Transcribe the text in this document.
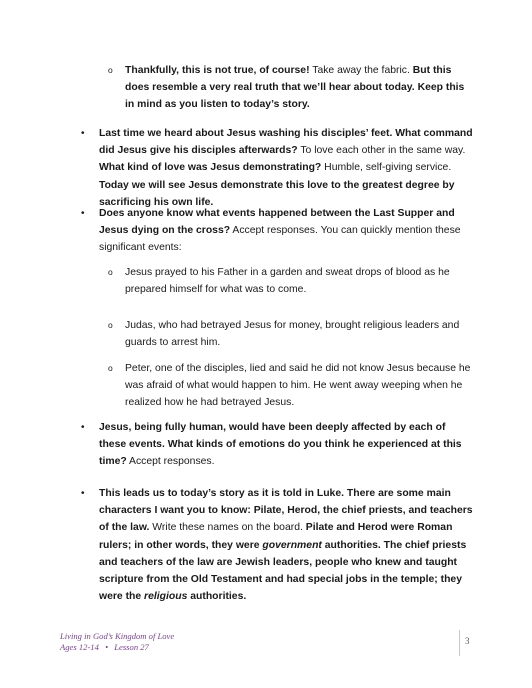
o Thankfully, this is not true, of course! Take away the fabric. But this does resemble a very real truth that we’ll hear about today. Keep this in mind as you listen to today’s story.

• Last time we heard about Jesus washing his disciples’ feet. What command did Jesus give his disciples afterwards? To love each other in the same way. What kind of love was Jesus demonstrating? Humble, self-giving service. Today we will see Jesus demonstrate this love to the greatest degree by sacrificing his own life.

• Does anyone know what events happened between the Last Supper and Jesus dying on the cross? Accept responses. You can quickly mention these significant events:

o Jesus prayed to his Father in a garden and sweat drops of blood as he prepared himself for what was to come.

o Judas, who had betrayed Jesus for money, brought religious leaders and guards to arrest him.

o Peter, one of the disciples, lied and said he did not know Jesus because he was afraid of what would happen to him. He went away weeping when he realized how he had betrayed Jesus.

• Jesus, being fully human, would have been deeply affected by each of these events. What kinds of emotions do you think he experienced at this time? Accept responses.

• This leads us to today’s story as it is told in Luke. There are some main characters I want you to know: Pilate, Herod, the chief priests, and teachers of the law. Write these names on the board. Pilate and Herod were Roman rulers; in other words, they were government authorities. The chief priests and teachers of the law are Jewish leaders, people who knew and taught scripture from the Old Testament and had special jobs in the temple; they were the religious authorities.

Living in God’s Kingdom of Love
Ages 12-14 • Lesson 27
3
